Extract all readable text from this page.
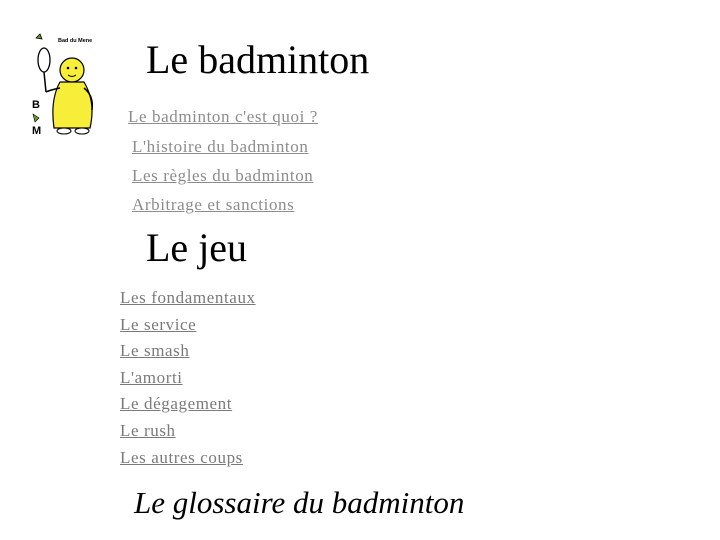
B
M
Bad du Mene Le badminton
Le badminton c'est quoi ?
L'histoire du badminton
Les règles du badminton
Arbitrage et sanctions
Le jeu
Les fondamentaux
Le service
Le smash
L'amorti
Le dégagement
Le rush
Les autres coups
Le glossaire du badminton
